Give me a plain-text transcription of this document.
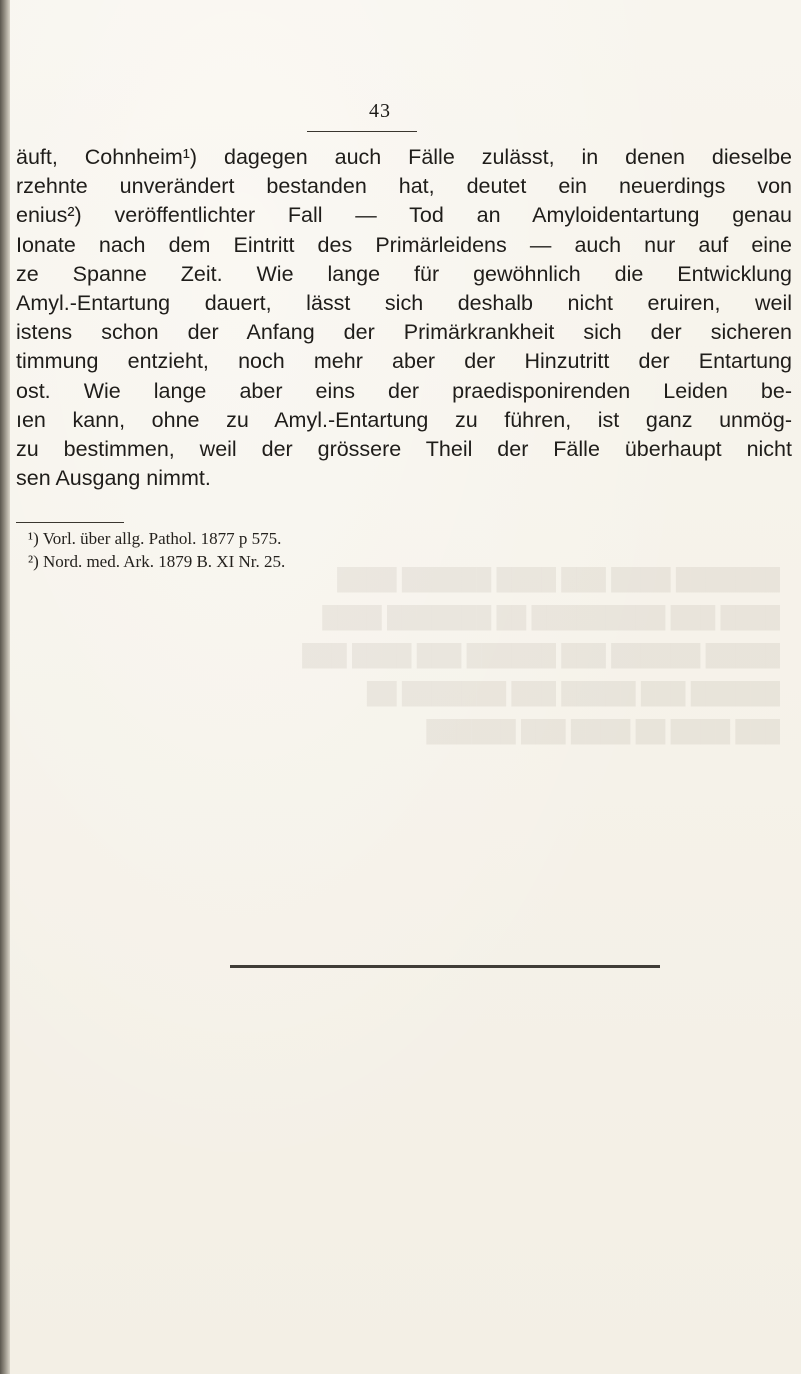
43
äuft, Cohnheim¹) dagegen auch Fälle zulässt, in denen dieselbe
rzehnte unverändert bestanden hat, deutet ein neuerdings von
enius²) veröffentlichter Fall — Tod an Amyloidentartung genau
Ionate nach dem Eintritt des Primärleidens — auch nur auf eine
ze Spanne Zeit. Wie lange für gewöhnlich die Entwicklung
Amyl.-Entartung dauert, lässt sich deshalb nicht eruiren, weil
istens schon der Anfang der Primärkrankheit sich der sicheren
timmung entzieht, noch mehr aber der Hinzutritt der Entartung
ost. Wie lange aber eins der praedisponirenden Leiden be-
ıen kann, ohne zu Amyl.-Entartung zu führen, ist ganz unmög-
zu bestimmen, weil der grössere Theil der Fälle überhaupt nicht
sen Ausgang nimmt.
¹) Vorl. über allg. Pathol. 1877 p 575.
²) Nord. med. Ark. 1879 B. XI Nr. 25.
███████ ████ ███ ████ ██████ ████
████ ███ █████████ ██ ███████ ████
█████ ██████ ███ ██████ ███ ████ ███
██████ ███ █████ ███ ███████ ██
███ ████ ██ ████ ███ ██████
